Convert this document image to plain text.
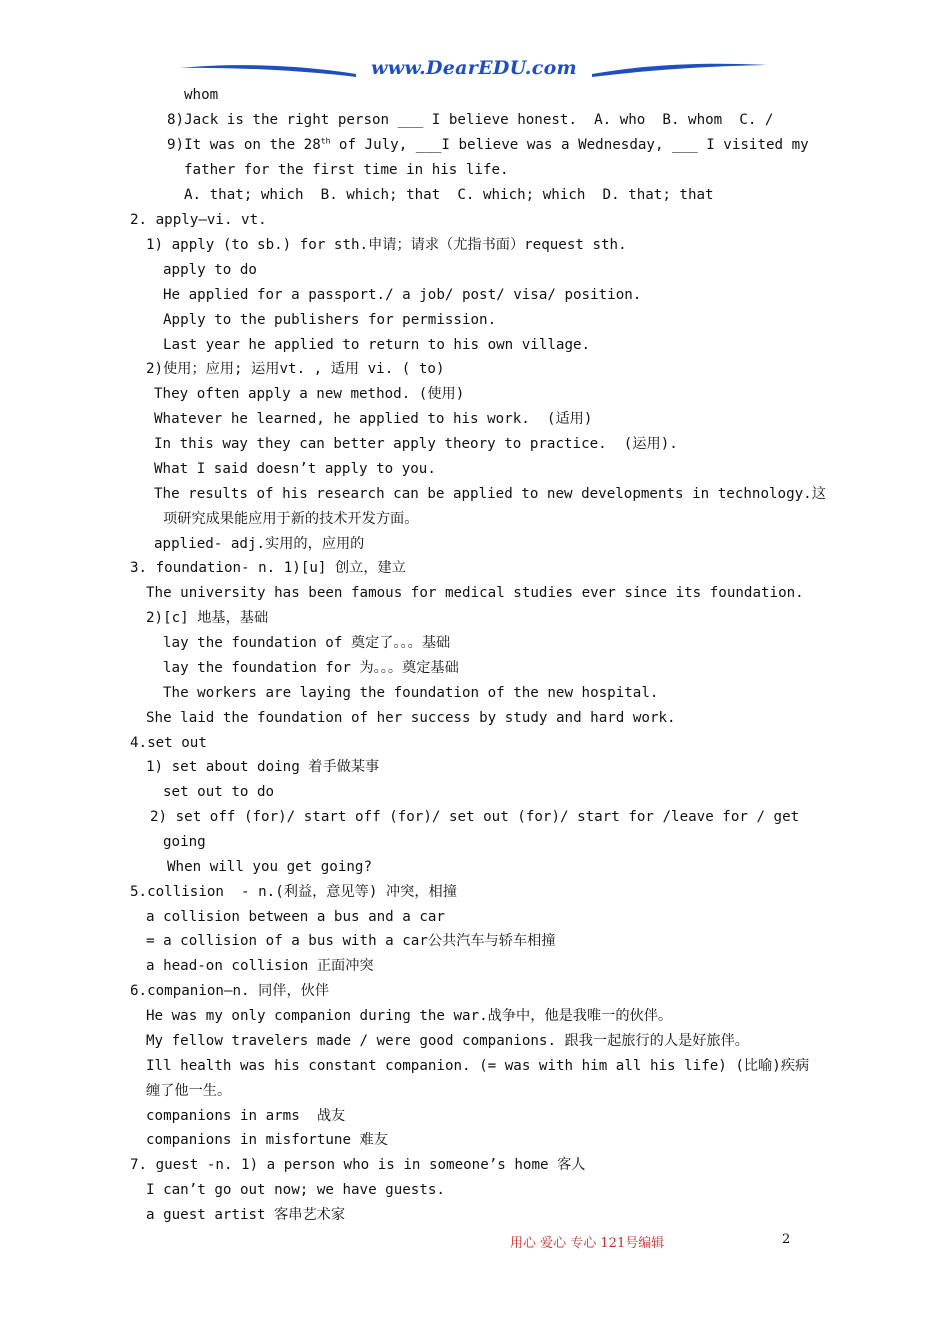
www.DearEDU.com
whom
8)Jack is the right person ___ I believe honest.  A. who  B. whom  C. /
9)It was on the 28th of July, ___I believe was a Wednesday, ___ I visited my
father for the first time in his life.
A. that; which  B. which; that  C. which; which  D. that; that
2. apply—vi. vt.
1) apply (to sb.) for sth.申请；请求（尤指书面）request sth.
apply to do
He applied for a passport./ a job/ post/ visa/ position.
Apply to the publishers for permission.
Last year he applied to return to his own village.
2)使用；应用; 运用vt. , 适用 vi. ( to)
They often apply a new method. (使用)
Whatever he learned, he applied to his work.  (适用)
In this way they can better apply theory to practice.  (运用).
What I said doesn’t apply to you.
The results of his research can be applied to new developments in technology.这
项研究成果能应用于新的技术开发方面。
applied- adj.实用的，应用的
3. foundation- n. 1)[u] 创立，建立
The university has been famous for medical studies ever since its foundation.
2)[c] 地基，基础
lay the foundation of 奠定了。。。基础
lay the foundation for 为。。。奠定基础
The workers are laying the foundation of the new hospital.
She laid the foundation of her success by study and hard work.
4.set out
1) set about doing 着手做某事
set out to do
2) set off (for)/ start off (for)/ set out (for)/ start for /leave for / get
going
When will you get going?
5.collision  - n.(利益，意见等) 冲突，相撞
a collision between a bus and a car
= a collision of a bus with a car公共汽车与轿车相撞
a head-on collision 正面冲突
6.companion—n. 同伴，伙伴
He was my only companion during the war.战争中，他是我唯一的伙伴。
My fellow travelers made / were good companions. 跟我一起旅行的人是好旅伴。
Ill health was his constant companion. (= was with him all his life) (比喻)疾病
缠了他一生。
companions in arms  战友
companions in misfortune 难友
7. guest -n. 1) a person who is in someone’s home 客人
I can’t go out now; we have guests.
a guest artist 客串艺术家
用心 爱心 专心 121号编辑	2
